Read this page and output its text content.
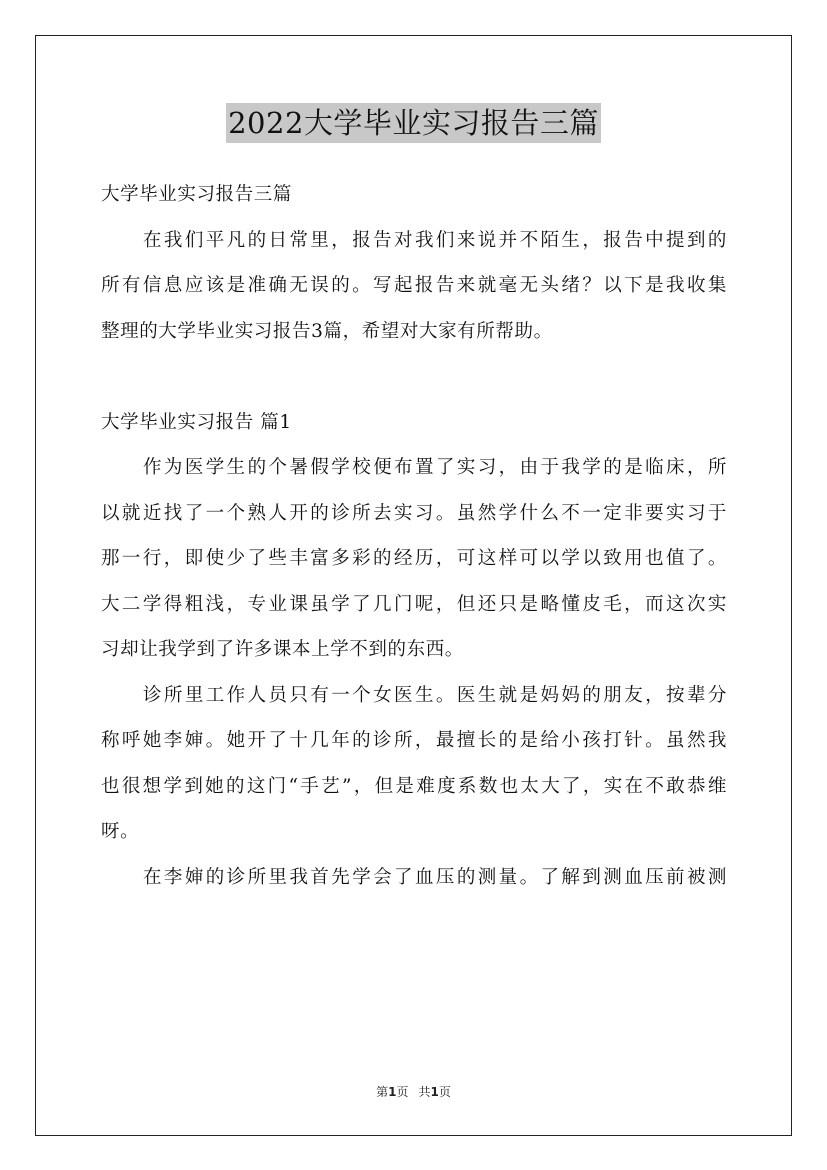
2022大学毕业实习报告三篇
大学毕业实习报告三篇
在我们平凡的日常里，报告对我们来说并不陌生，报告中提到的
所有信息应该是准确无误的。写起报告来就毫无头绪？以下是我收集
整理的大学毕业实习报告3篇，希望对大家有所帮助。
大学毕业实习报告 篇1
作为医学生的个暑假学校便布置了实习，由于我学的是临床，所
以就近找了一个熟人开的诊所去实习。虽然学什么不一定非要实习于
那一行，即使少了些丰富多彩的经历，可这样可以学以致用也值了。
大二学得粗浅，专业课虽学了几门呢，但还只是略懂皮毛，而这次实
习却让我学到了许多课本上学不到的东西。
诊所里工作人员只有一个女医生。医生就是妈妈的朋友，按辈分
称呼她李婶。她开了十几年的诊所，最擅长的是给小孩打针。虽然我
也很想学到她的这门“手艺”，但是难度系数也太大了，实在不敢恭维
呀。
在李婶的诊所里我首先学会了血压的测量。了解到测血压前被测
第1页 共1页
